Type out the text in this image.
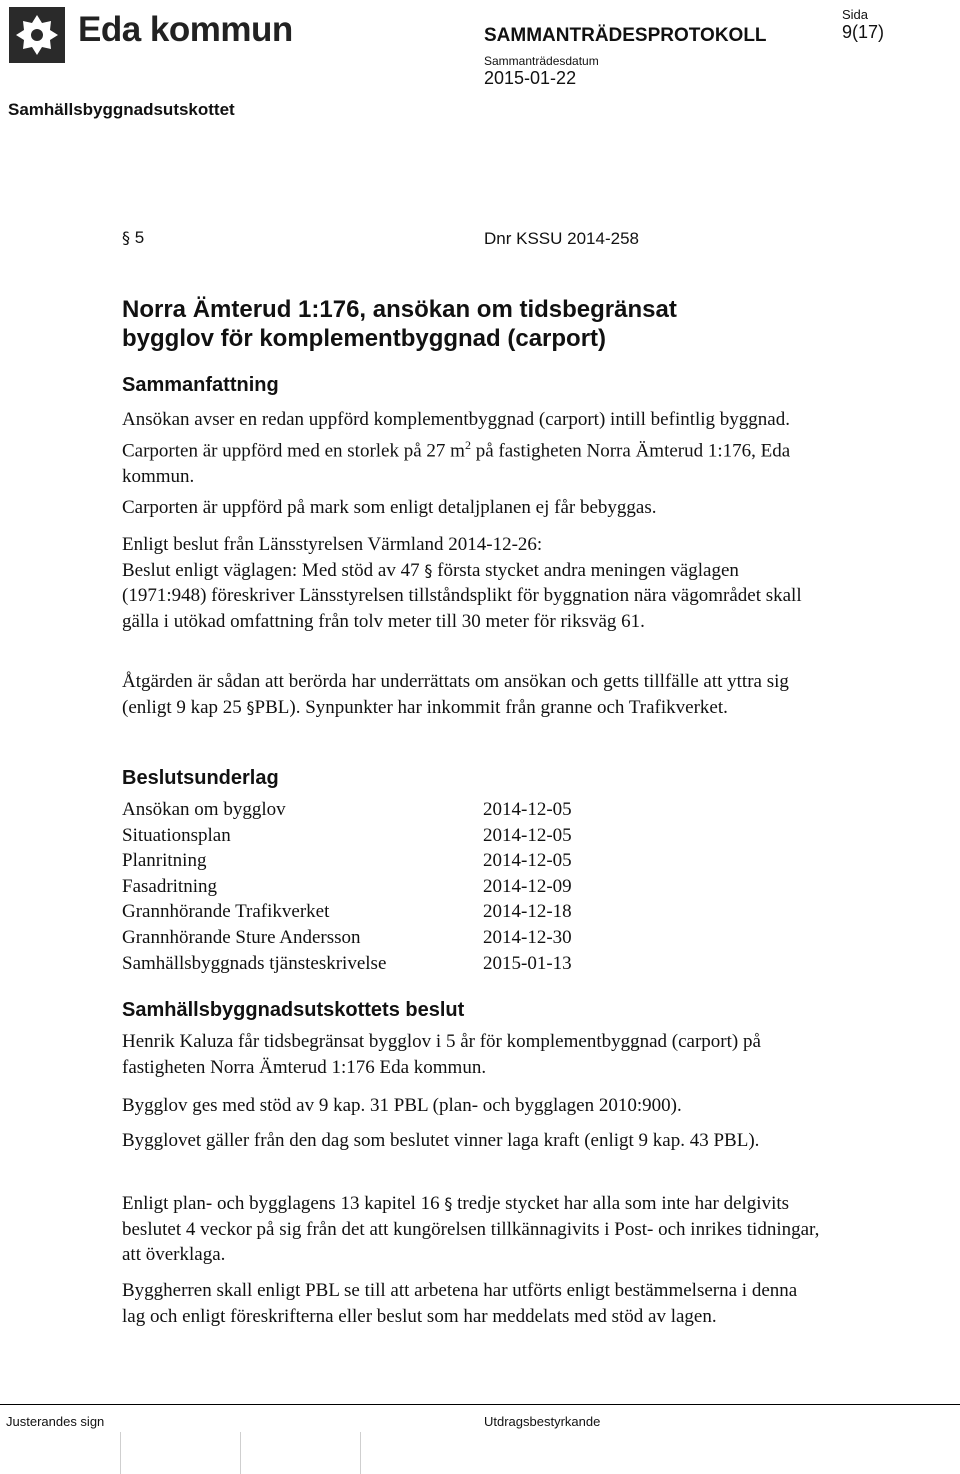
Eda kommun	SAMMANTRÄDESPROTOKOLL
Sammanträdesdatum
2015-01-22
Sida
9(17)
Samhällsbyggnadsutskottet
§ 5	Dnr KSSU 2014-258
Norra Ämterud 1:176, ansökan om tidsbegränsat
bygglov för komplementbyggnad (carport)
Sammanfattning

Ansökan avser en redan uppförd komplementbyggnad (carport) intill befintlig byggnad. Carporten är uppförd med en storlek på 27 $m^2$ på fastigheten Norra Ämterud 1:176, Eda kommun.

Carporten är uppförd på mark som enligt detaljplanen ej får bebyggas.

Enligt beslut från Länsstyrelsen Värmland 2014-12-26:

Beslut enligt väglagen: Med stöd av 47 § första stycket andra meningen väglagen (1971:948) föreskriver Länsstyrelsen tillståndsplikt för byggnation nära vägområdet skall gälla i utökad omfattning från tolv meter till 30 meter för riksväg 61.

Åtgärden är sådan att berörda har underrättats om ansökan och getts tillfälle att yttra sig (enligt 9 kap 25 §PBL). Synpunkter har inkommit från granne och Trafikverket.

Beslutsunderlag
Ansökan om bygglov	2014-12-05
Situationsplan	2014-12-05
Planritning	2014-12-05
Fasadritning	2014-12-09
Grannhörande Trafikverket	2014-12-18
Grannhörande Sture Andersson	2014-12-30
Samhällsbyggnads tjänsteskrivelse	2015-01-13
Samhällsbyggnadsutskottets beslut
Henrik Kaluza får tidsbegränsat bygglov i 5 år för komplementbyggnad (carport) på fastigheten Norra Ämterud 1:176 Eda kommun.
Bygglov ges med stöd av 9 kap. 31 PBL (plan- och bygglagen 2010:900).
Bygglovet gäller från den dag som beslutet vinner laga kraft (enligt 9 kap. 43 PBL).

Enligt plan- och bygglagens 13 kapitel 16 § tredje stycket har alla som inte har delgivits beslutet 4 veckor på sig från det att kungörelsen tillkännagivits i Post- och inrikes tidningar, att överklaga.

Byggherren skall enligt PBL se till att arbetena har utförts enligt bestämmelserna i denna lag och enligt föreskrifterna eller beslut som har meddelats med stöd av lagen.
Justerandes sign	Utdragsbestyrkande
